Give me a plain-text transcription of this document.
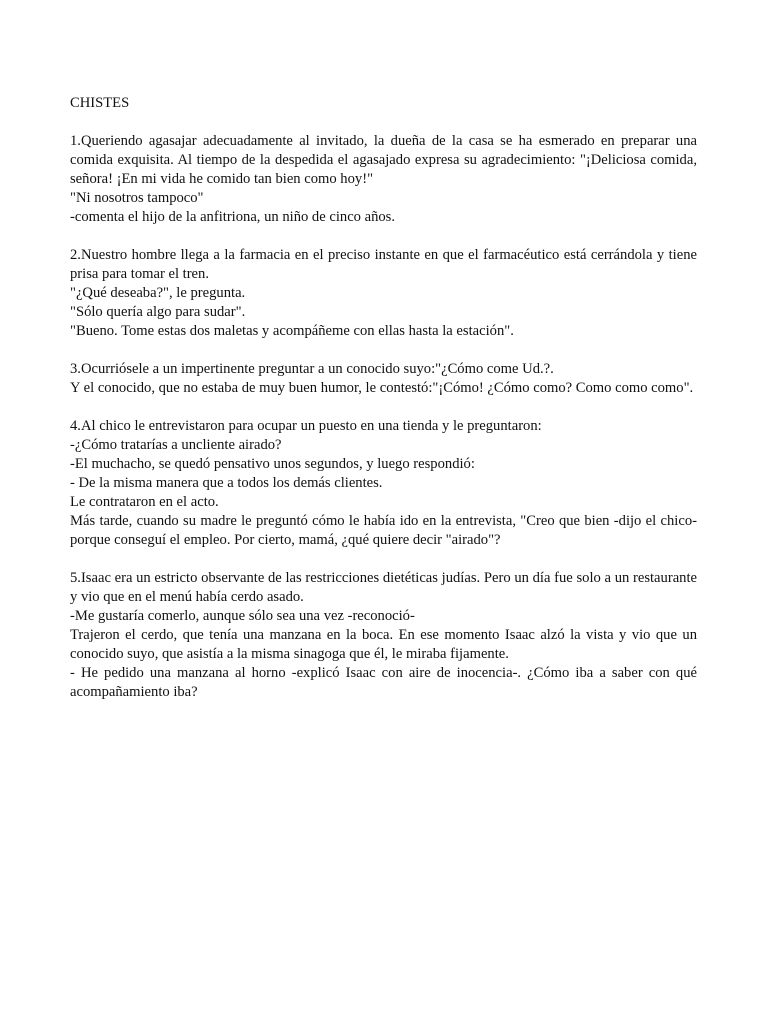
CHISTES

1.Queriendo agasajar adecuadamente al invitado, la dueña de la casa se ha esmerado en preparar una comida exquisita. Al tiempo de la despedida el agasajado expresa su agradecimiento: "¡Deliciosa comida, señora! ¡En mi vida he comido tan bien como hoy!"
"Ni nosotros tampoco"
-comenta el hijo de la anfitriona, un niño de cinco años.
2.Nuestro hombre llega a la farmacia en el preciso instante en que el farmacéutico está cerrándola y tiene prisa para tomar el tren.
"¿Qué deseaba?", le pregunta.
"Sólo quería algo para sudar".
"Bueno. Tome estas dos maletas y acompáñeme con ellas hasta la estación".
3.Ocurriósele a un impertinente preguntar a un conocido suyo:"¿Cómo come Ud.?.
Y el conocido, que no estaba de muy buen humor, le contestó:"¡Cómo! ¿Cómo como? Como como como".
4.Al chico le entrevistaron para ocupar un puesto en una tienda y le preguntaron:
-¿Cómo tratarías a uncliente airado?
-El muchacho, se quedó pensativo unos segundos, y luego respondió:
- De la misma manera que a todos los demás clientes.
Le contrataron en el acto.
Más tarde, cuando su madre le preguntó cómo le había ido en la entrevista, "Creo que bien -dijo el chico- porque conseguí el empleo. Por cierto, mamá, ¿qué quiere decir "airado"?
5.Isaac era un estricto observante de las restricciones dietéticas judías. Pero un día fue solo a un restaurante y vio que en el menú había cerdo asado.
-Me gustaría comerlo, aunque sólo sea una vez -reconoció-
Trajeron el cerdo, que tenía una manzana en la boca. En ese momento Isaac alzó la vista y vio que un conocido suyo, que asistía a la misma sinagoga que él, le miraba fijamente.
- He pedido una manzana al horno -explicó Isaac con aire de inocencia-. ¿Cómo iba a saber con qué acompañamiento iba?
